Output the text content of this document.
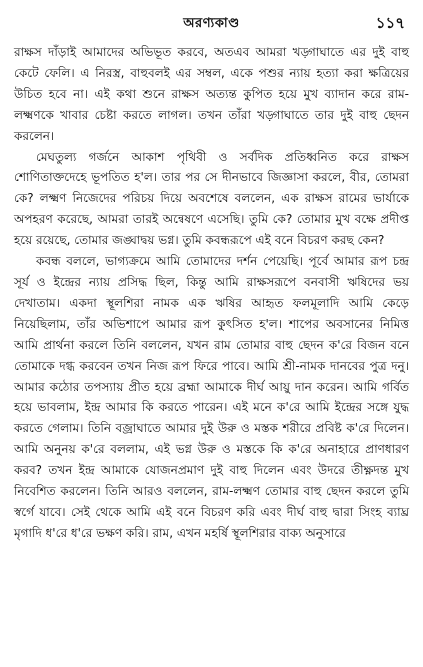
অরণ্যকাণ্ড	১১৭

রাক্ষস দাঁড়াই আমাদের অভিভূত করবে, অতএব আমরা খড়্গাঘাতে এর দুই বাহু কেটে ফেলি। এ নিরস্ত্র, বাহুবলই এর সম্বল, একে পশুর ন্যায় হত্যা করা ক্ষত্রিয়ের উচিত হবে না। এই কথা শুনে রাক্ষস অত্যন্ত কুপিত হয়ে মুখ ব্যাদান করে রাম-লক্ষ্মণকে খাবার চেষ্টা করতে লাগল। তখন তাঁরা খড়্গাঘাতে তার দুই বাহু ছেদন করলেন।

মেঘতুল্য গর্জনে আকাশ পৃথিবী ও সর্বদিক প্রতিধ্বনিত করে রাক্ষস শোণিতাক্তদেহে ভূপতিত হ'ল। তার পর সে দীনভাবে জিজ্ঞাসা করলে, বীর, তোমরা কে? লক্ষ্মণ নিজেদের পরিচয় দিয়ে অবশেষে বললেন, এক রাক্ষস রামের ভার্যাকে অপহরণ করেছে, আমরা তারই অন্বেষণে এসেছি। তুমি কে? তোমার মুখ বক্ষে প্রদীপ্ত হয়ে রয়েছে, তোমার জঙ্ঘাদ্বয় ভগ্ন। তুমি কবন্ধরূপে এই বনে বিচরণ করছ কেন?

কবন্ধ বললে, ভাগ্যক্রমে আমি তোমাদের দর্শন পেয়েছি। পূর্বে আমার রূপ চন্দ্র সূর্য ও ইন্দ্রের ন্যায় প্রসিদ্ধ ছিল, কিন্তু আমি রাক্ষসরূপে বনবাসী ঋষিদের ভয় দেখাতাম। একদা স্থূলশিরা নামক এক ঋষির আহৃত ফলমূলাদি আমি কেড়ে নিয়েছিলাম, তাঁর অভিশাপে আমার রূপ কুৎসিত হ'ল। শাপের অবসানের নিমিত্ত আমি প্রার্থনা করলে তিনি বললেন, যখন রাম তোমার বাহু ছেদন ক'রে বিজন বনে তোমাকে দগ্ধ করবেন তখন নিজ রূপ ফিরে পাবে। আমি শ্রী-নামক দানবের পুত্র দনু। আমার কঠোর তপস্যায় প্রীত হয়ে ব্রহ্মা আমাকে দীর্ঘ আয়ু দান করেন। আমি গর্বিত হয়ে ভাবলাম, ইন্দ্র আমার কি করতে পারেন। এই মনে ক'রে আমি ইন্দ্রের সঙ্গে যুদ্ধ করতে গেলাম। তিনি বজ্রাঘাতে আমার দুই উরু ও মস্তক শরীরে প্রবিষ্ট ক'রে দিলেন। আমি অনুনয় ক'রে বললাম, এই ভগ্ন উরু ও মস্তকে কি ক'রে অনাহারে প্রাণধারণ করব? তখন ইন্দ্র আমাকে যোজনপ্রমাণ দুই বাহু দিলেন এবং উদরে তীক্ষ্ণদন্ত মুখ নিবেশিত করলেন। তিনি আরও বললেন, রাম-লক্ষ্মণ তোমার বাহু ছেদন করলে তুমি স্বর্গে যাবে। সেই থেকে আমি এই বনে বিচরণ করি এবং দীর্ঘ বাহু দ্বারা সিংহ ব্যাঘ্র মৃগাদি ধ'রে ধ'রে ভক্ষণ করি। রাম, এখন মহর্ষি স্থূলশিরার বাক্য অনুসারে
